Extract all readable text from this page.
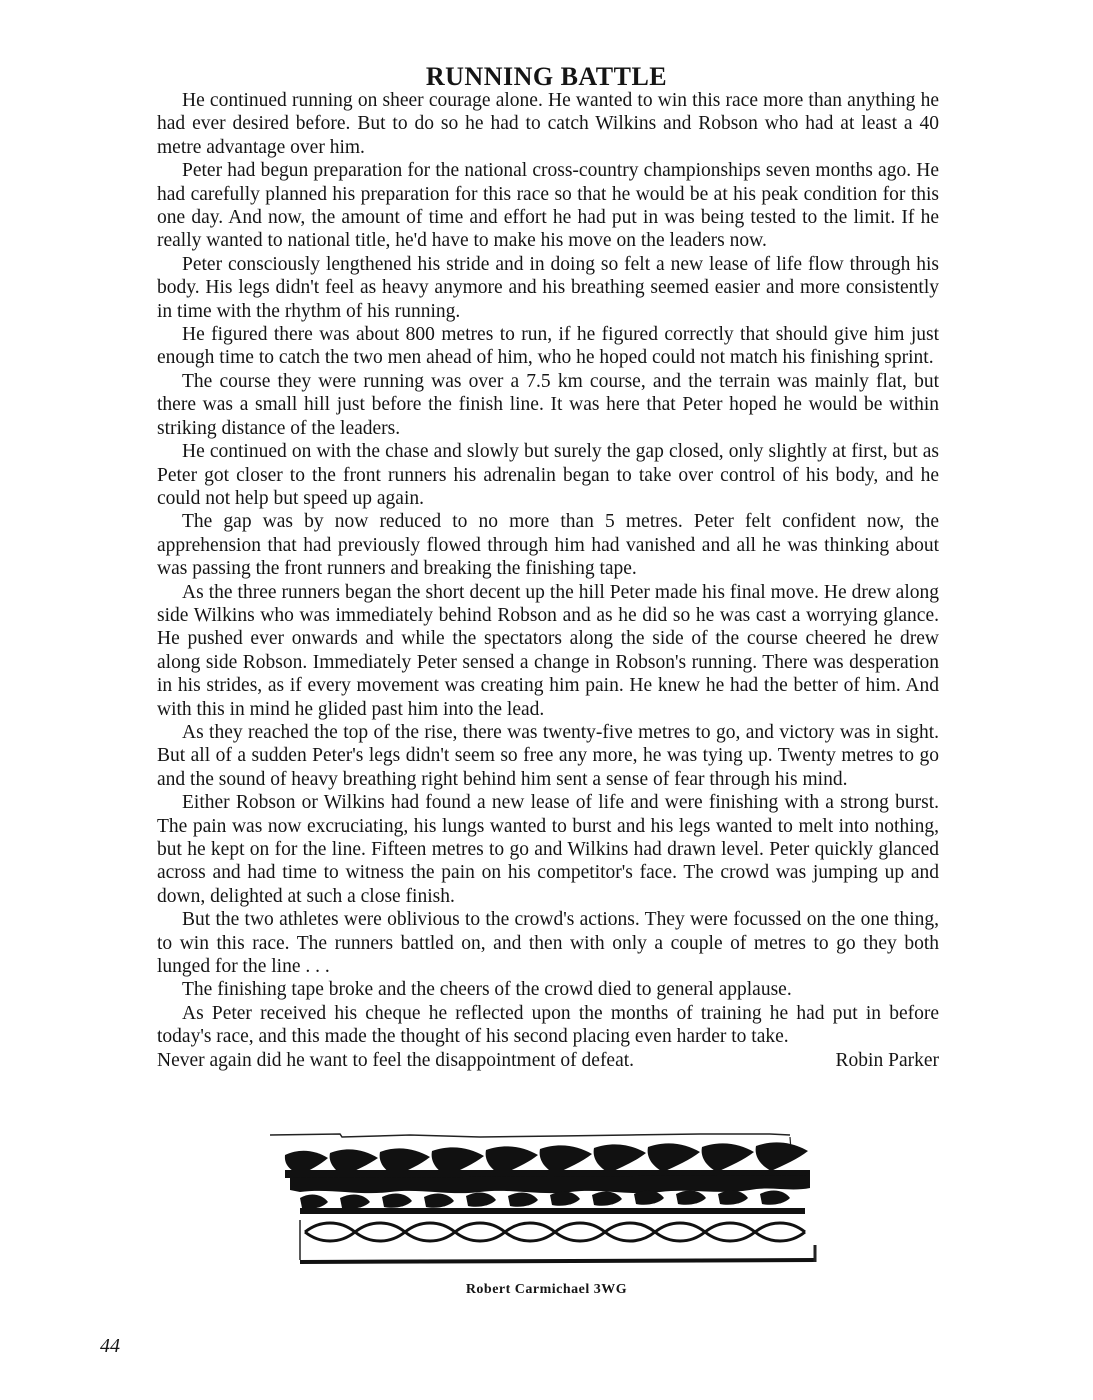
RUNNING BATTLE

He continued running on sheer courage alone. He wanted to win this race more than anything he had ever desired before. But to do so he had to catch Wilkins and Robson who had at least a 40 metre advantage over him.

Peter had begun preparation for the national cross-country championships seven months ago. He had carefully planned his preparation for this race so that he would be at his peak condition for this one day. And now, the amount of time and effort he had put in was being tested to the limit. If he really wanted to national title, he'd have to make his move on the leaders now.

Peter consciously lengthened his stride and in doing so felt a new lease of life flow through his body. His legs didn't feel as heavy anymore and his breathing seemed easier and more consistently in time with the rhythm of his running.

He figured there was about 800 metres to run, if he figured correctly that should give him just enough time to catch the two men ahead of him, who he hoped could not match his finishing sprint.

The course they were running was over a 7.5 km course, and the terrain was mainly flat, but there was a small hill just before the finish line. It was here that Peter hoped he would be within striking distance of the leaders.

He continued on with the chase and slowly but surely the gap closed, only slightly at first, but as Peter got closer to the front runners his adrenalin began to take over control of his body, and he could not help but speed up again.

The gap was by now reduced to no more than 5 metres. Peter felt confident now, the apprehension that had previously flowed through him had vanished and all he was thinking about was passing the front runners and breaking the finishing tape.

As the three runners began the short decent up the hill Peter made his final move. He drew along side Wilkins who was immediately behind Robson and as he did so he was cast a worrying glance. He pushed ever onwards and while the spectators along the side of the course cheered he drew along side Robson. Immediately Peter sensed a change in Robson's running. There was desperation in his strides, as if every movement was creating him pain. He knew he had the better of him. And with this in mind he glided past him into the lead.

As they reached the top of the rise, there was twenty-five metres to go, and victory was in sight. But all of a sudden Peter's legs didn't seem so free any more, he was tying up. Twenty metres to go and the sound of heavy breathing right behind him sent a sense of fear through his mind.

Either Robson or Wilkins had found a new lease of life and were finishing with a strong burst. The pain was now excruciating, his lungs wanted to burst and his legs wanted to melt into nothing, but he kept on for the line. Fifteen metres to go and Wilkins had drawn level. Peter quickly glanced across and had time to witness the pain on his competitor's face. The crowd was jumping up and down, delighted at such a close finish.

But the two athletes were oblivious to the crowd's actions. They were focussed on the one thing, to win this race. The runners battled on, and then with only a couple of metres to go they both lunged for the line . . .

The finishing tape broke and the cheers of the crowd died to general applause.

As Peter received his cheque he reflected upon the months of training he had put in before today's race, and this made the thought of his second placing even harder to take.

Never again did he want to feel the disappointment of defeat.	Robin Parker

Robert Carmichael 3WG
44
